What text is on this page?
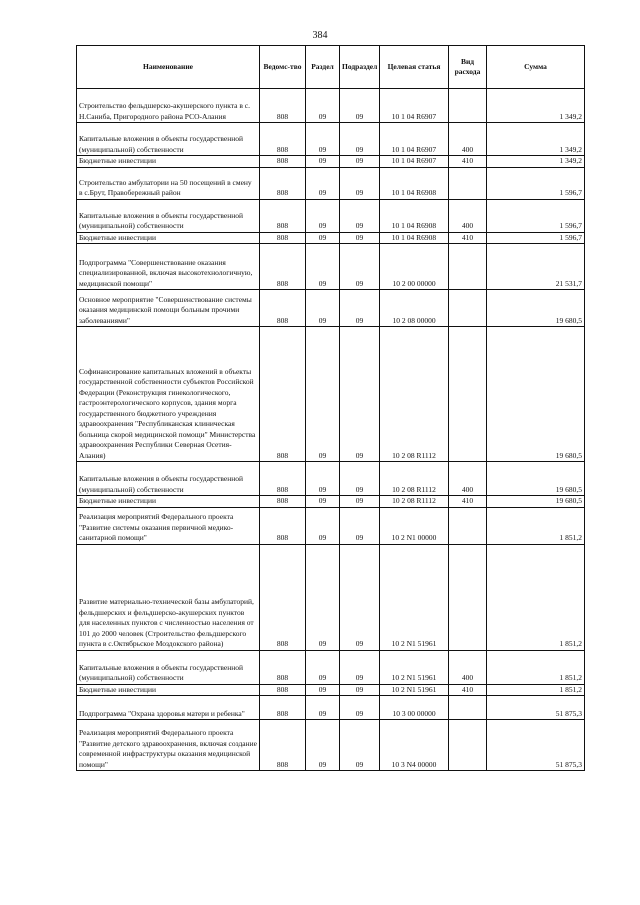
384
Наименование	Ведомс-тво	Раздел	Подраздел	Целевая статья	Вид расхода	Сумма
Строительство фельдшерско-акушерского пункта в с. Н.Саниба, Пригородного района РСО-Алания	808	09	09	10 1 04 R6907		1 349,2
Капитальные вложения в объекты государственной (муниципальной) собственности	808	09	09	10 1 04 R6907	400	1 349,2
Бюджетные инвестиции	808	09	09	10 1 04 R6907	410	1 349,2
Строительство амбулатории на 50 посещений в смену в с.Брут, Правобережный район	808	09	09	10 1 04 R6908		1 596,7
Капитальные вложения в объекты государственной (муниципальной) собственности	808	09	09	10 1 04 R6908	400	1 596,7
Бюджетные инвестиции	808	09	09	10 1 04 R6908	410	1 596,7
Подпрограмма "Совершенствование оказания специализированной, включая высокотехнологичную, медицинской помощи"	808	09	09	10 2 00 00000		21 531,7
Основное мероприятие "Совершенствование системы оказания медицинской помощи больным прочими заболеваниями"	808	09	09	10 2 08 00000		19 680,5
Софинансирование капитальных вложений в объекты государственной собственности субъектов Российской Федерации (Реконструкция гинекологического, гастроэнтерологического корпусов, здания морга государственного бюджетного учреждения здравоохранения "Республиканская клиническая больница скорой медицинской помощи" Министерства здравоохранения Республики Северная Осетия-Алания)	808	09	09	10 2 08 R1112		19 680,5
Капитальные вложения в объекты государственной (муниципальной) собственности	808	09	09	10 2 08 R1112	400	19 680,5
Бюджетные инвестиции	808	09	09	10 2 08 R1112	410	19 680,5
Реализация мероприятий Федерального проекта "Развитие системы оказания первичной медико-санитарной помощи"	808	09	09	10 2 N1 00000		1 851,2
Развитие материально-технической базы амбулаторий, фельдшерских и фельдшерско-акушерских пунктов для населенных пунктов с численностью населения от 101 до 2000 человек (Строительство фельдшерского пункта в с.Октябрьское Моздокского района)	808	09	09	10 2 N1 51961		1 851,2
Капитальные вложения в объекты государственной (муниципальной) собственности	808	09	09	10 2 N1 51961	400	1 851,2
Бюджетные инвестиции	808	09	09	10 2 N1 51961	410	1 851,2
Подпрограмма "Охрана здоровья матери и ребенка"	808	09	09	10 3 00 00000		51 875,3
Реализация мероприятий Федерального проекта "Развитие детского здравоохранения, включая создание современной инфраструктуры оказания медицинской помощи"	808	09	09	10 3 N4 00000		51 875,3
